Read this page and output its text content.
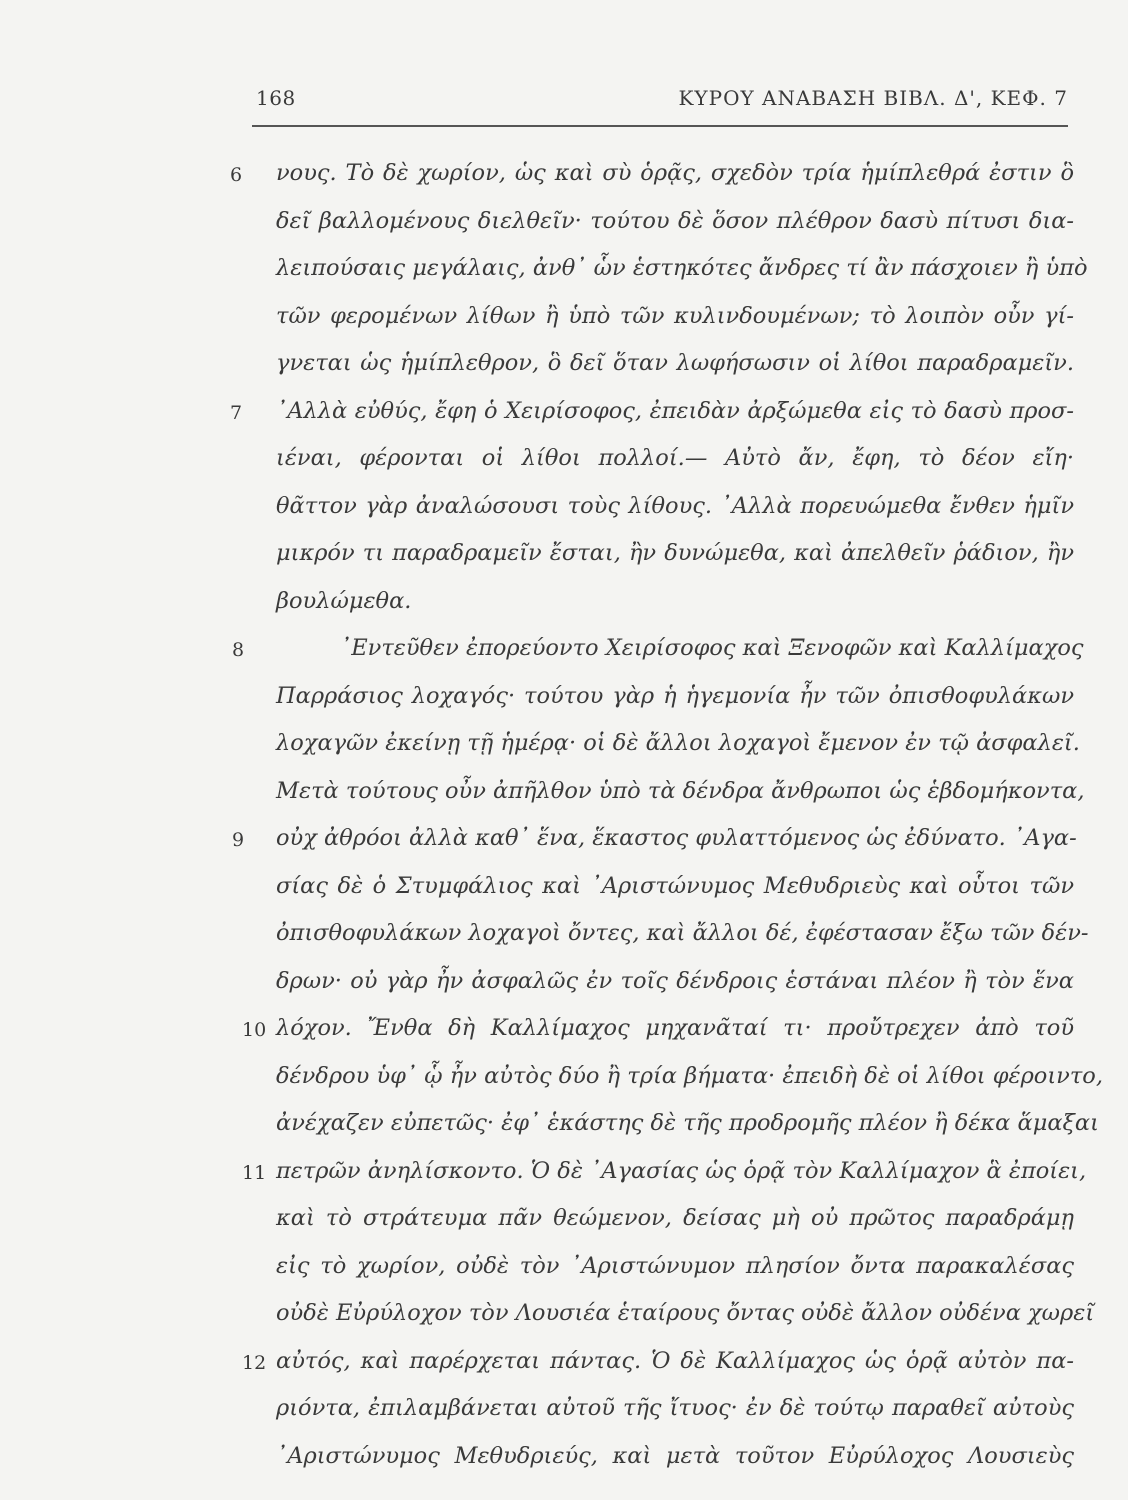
168	ΚΥΡΟΥ ΑΝΑΒΑΣΗ ΒΙΒΛ. Δ', ΚΕΦ. 7
6
7
8
9
10
11
12
νους. Τὸ δὲ χωρίον, ὡς καὶ σὺ ὁρᾷς, σχεδὸν τρία ἡμίπλεθρά ἐστιν ὃ
δεῖ βαλλομένους διελθεῖν· τούτου δὲ ὅσον πλέθρον δασὺ πίτυσι δια-
λειπούσαις μεγάλαις, ἀνθ᾽ ὧν ἑστηκότες ἄνδρες τί ἂν πάσχοιεν ἢ ὑπὸ
τῶν φερομένων λίθων ἢ ὑπὸ τῶν κυλινδουμένων; τὸ λοιπὸν οὖν γί-
γνεται ὡς ἡμίπλεθρον, ὃ δεῖ ὅταν λωφήσωσιν οἱ λίθοι παραδραμεῖν.
᾽Αλλὰ εὐθύς, ἔφη ὁ Χειρίσοφος, ἐπειδὰν ἀρξώμεθα εἰς τὸ δασὺ προσ-
ιέναι, φέρονται οἱ λίθοι πολλοί.— Αὐτὸ ἄν, ἔφη, τὸ δέον εἴη·
θᾶττον γὰρ ἀναλώσουσι τοὺς λίθους. ᾽Αλλὰ πορευώμεθα ἔνθεν ἡμῖν
μικρόν τι παραδραμεῖν ἔσται, ἢν δυνώμεθα, καὶ ἀπελθεῖν ῥάδιον, ἢν
βουλώμεθα.
᾽Εντεῦθεν ἐπορεύοντο Χειρίσοφος καὶ Ξενοφῶν καὶ Καλλίμαχος
Παρράσιος λοχαγός· τούτου γὰρ ἡ ἡγεμονία ἦν τῶν ὀπισθοφυλάκων
λοχαγῶν ἐκείνῃ τῇ ἡμέρᾳ· οἱ δὲ ἄλλοι λοχαγοὶ ἔμενον ἐν τῷ ἀσφαλεῖ.
Μετὰ τούτους οὖν ἀπῆλθον ὑπὸ τὰ δένδρα ἄνθρωποι ὡς ἑβδομήκοντα,
οὐχ ἀθρόοι ἀλλὰ καθ᾽ ἕνα, ἕκαστος φυλαττόμενος ὡς ἐδύνατο. ᾽Αγα-
σίας δὲ ὁ Στυμφάλιος καὶ ᾽Αριστώνυμος Μεθυδριεὺς καὶ οὗτοι τῶν
ὀπισθοφυλάκων λοχαγοὶ ὄντες, καὶ ἄλλοι δέ, ἐφέστασαν ἔξω τῶν δέν-
δρων· οὐ γὰρ ἦν ἀσφαλῶς ἐν τοῖς δένδροις ἑστάναι πλέον ἢ τὸν ἕνα
λόχον. Ἔνθα δὴ Καλλίμαχος μηχανᾶταί τι· προὔτρεχεν ἀπὸ τοῦ
δένδρου ὑφ᾽ ᾧ ἦν αὐτὸς δύο ἢ τρία βήματα· ἐπειδὴ δὲ οἱ λίθοι φέροιντο,
ἀνέχαζεν εὐπετῶς· ἐφ᾽ ἑκάστης δὲ τῆς προδρομῆς πλέον ἢ δέκα ἅμαξαι
πετρῶν ἀνηλίσκοντο. Ὁ δὲ ᾽Αγασίας ὡς ὁρᾷ τὸν Καλλίμαχον ἃ ἐποίει,
καὶ τὸ στράτευμα πᾶν θεώμενον, δείσας μὴ οὐ πρῶτος παραδράμῃ
εἰς τὸ χωρίον, οὐδὲ τὸν ᾽Αριστώνυμον πλησίον ὄντα παρακαλέσας
οὐδὲ Εὐρύλοχον τὸν Λουσιέα ἑταίρους ὄντας οὐδὲ ἄλλον οὐδένα χωρεῖ
αὐτός, καὶ παρέρχεται πάντας. Ὁ δὲ Καλλίμαχος ὡς ὁρᾷ αὐτὸν πα-
ριόντα, ἐπιλαμβάνεται αὐτοῦ τῆς ἴτυος· ἐν δὲ τούτῳ παραθεῖ αὐτοὺς
᾽Αριστώνυμος Μεθυδριεύς, καὶ μετὰ τοῦτον Εὐρύλοχος Λουσιεὺς
